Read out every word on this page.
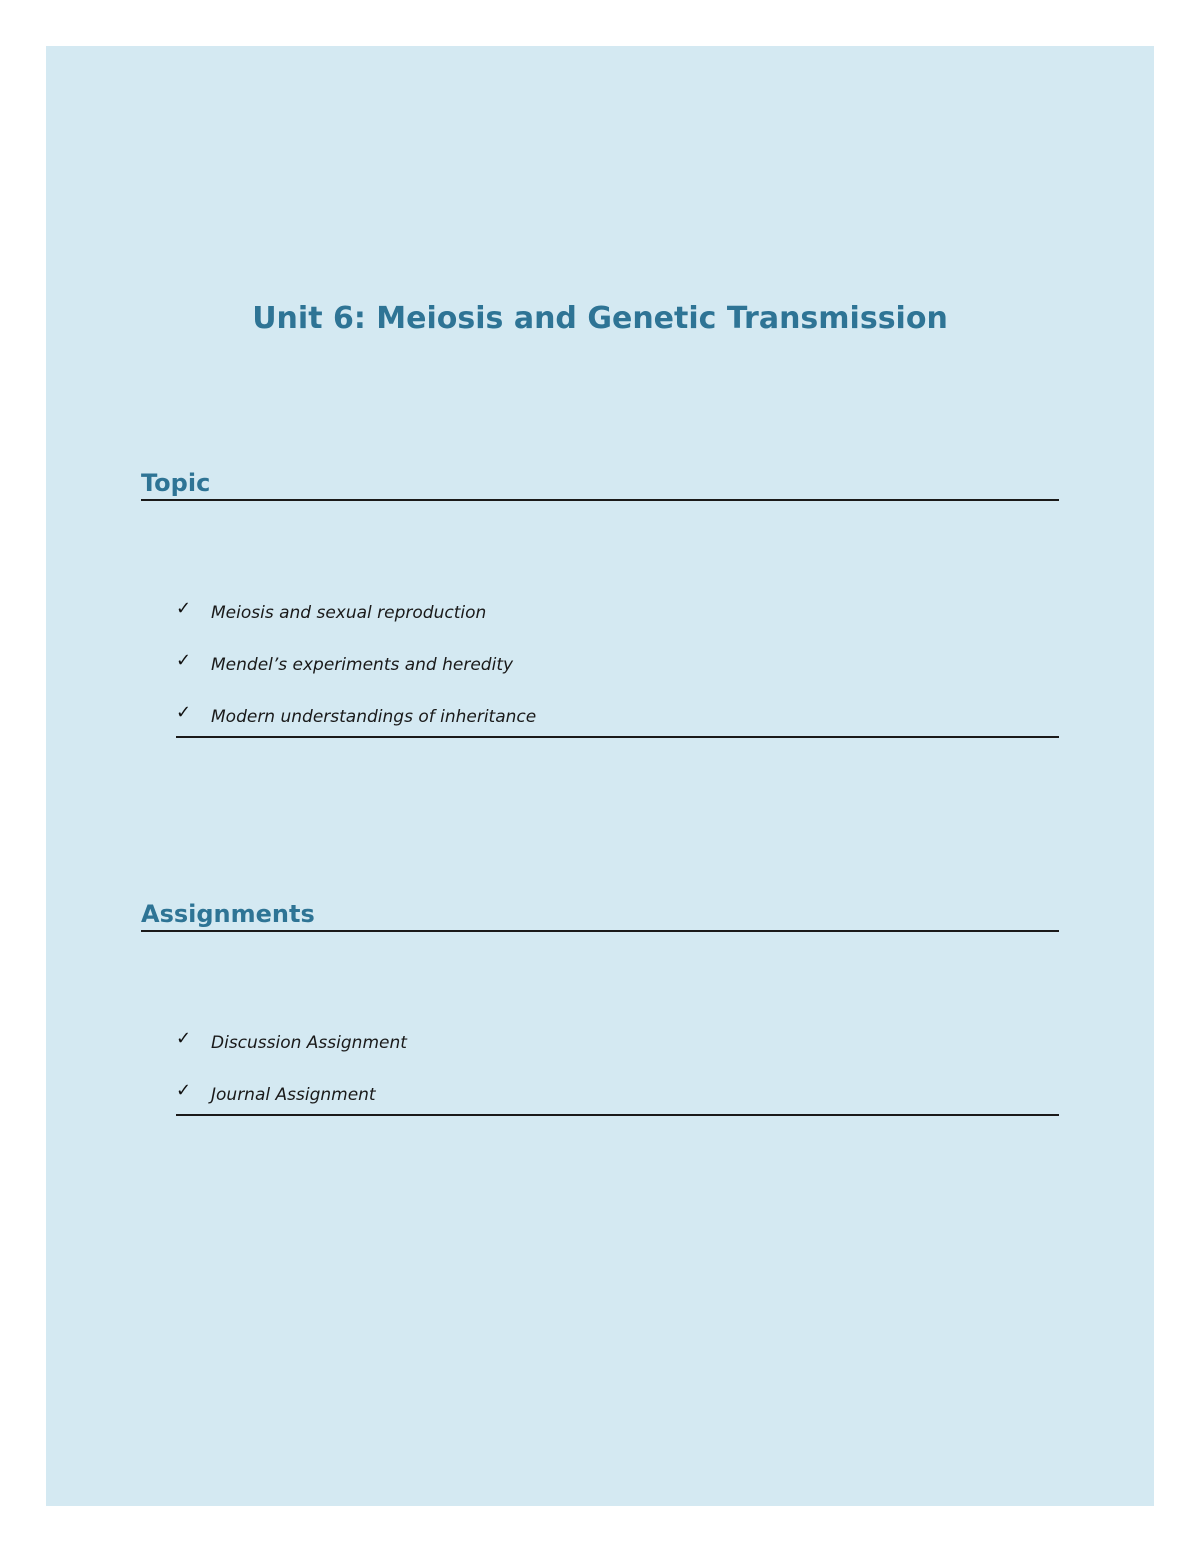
Unit 6: Meiosis and Genetic Transmission
Topic
✓ Meiosis and sexual reproduction
✓ Mendel’s experiments and heredity
✓ Modern understandings of inheritance
Assignments
✓ Discussion Assignment
✓ Journal Assignment
